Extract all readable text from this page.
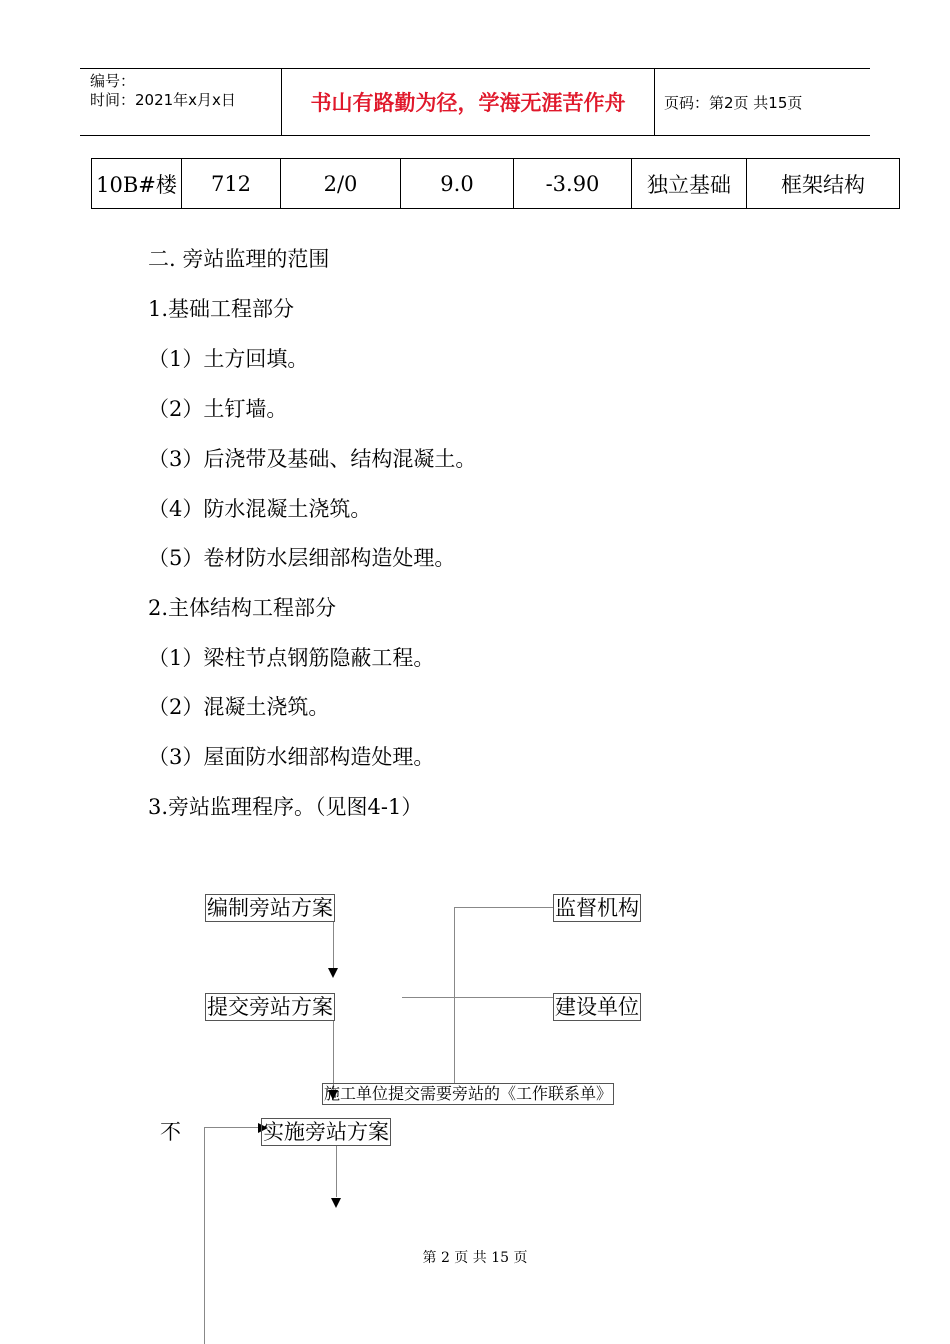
编号：
时间：2021年x月x日	书山有路勤为径，学海无涯苦作舟	页码：第2页 共15页
10B#楼	712	2/0	9.0	-3.90	独立基础	框架结构
二. 旁站监理的范围
1.基础工程部分
（1）土方回填。
（2）土钉墙。
（3）后浇带及基础、结构混凝土。
（4）防水混凝土浇筑。
（5）卷材防水层细部构造处理。
2.主体结构工程部分
（1）梁柱节点钢筋隐蔽工程。
（2）混凝土浇筑。
（3）屋面防水细部构造处理。
3.旁站监理程序。（见图4-1）
编制旁站方案	监督机构
提交旁站方案	建设单位
施工单位提交需要旁站的《工作联系单》
实施旁站方案
不
第 2 页 共 15 页
